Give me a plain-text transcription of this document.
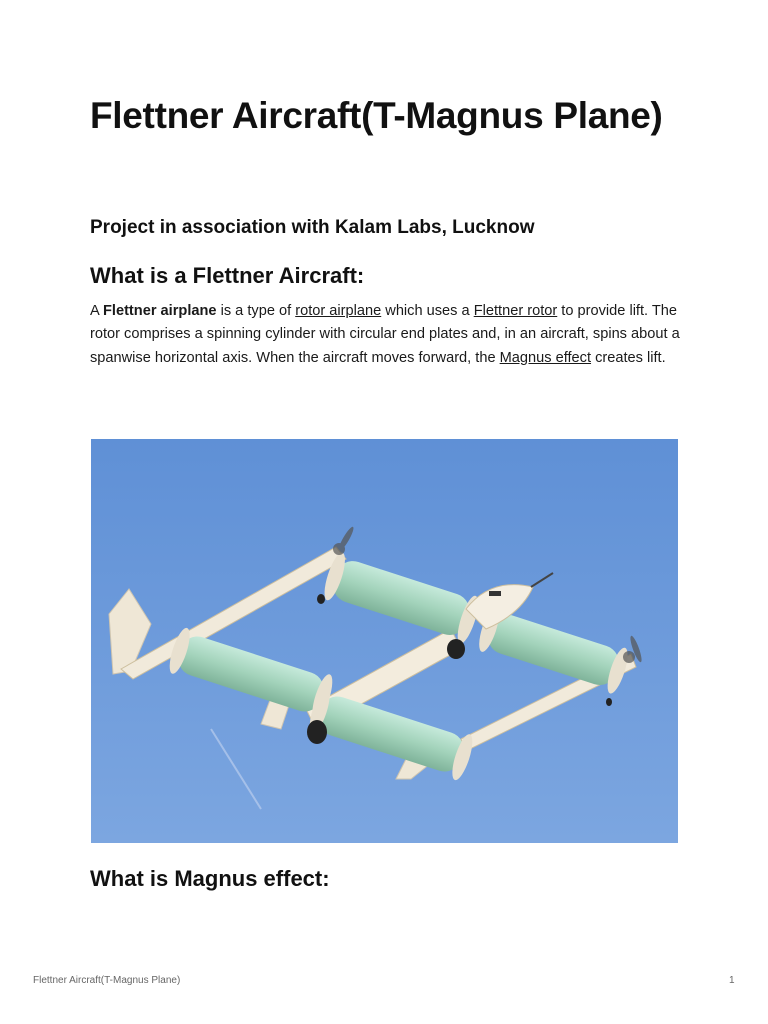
Flettner Aircraft(T-Magnus Plane)
Project in association with Kalam Labs, Lucknow
What is a Flettner Aircraft:

A Flettner airplane is a type of rotor airplane which uses a Flettner rotor to provide lift. The rotor comprises a spinning cylinder with circular end plates and, in an aircraft, spins about a spanwise horizontal axis. When the aircraft moves forward, the Magnus effect creates lift.

What is Magnus effect:
Flettner Aircraft(T-Magnus Plane)	1
